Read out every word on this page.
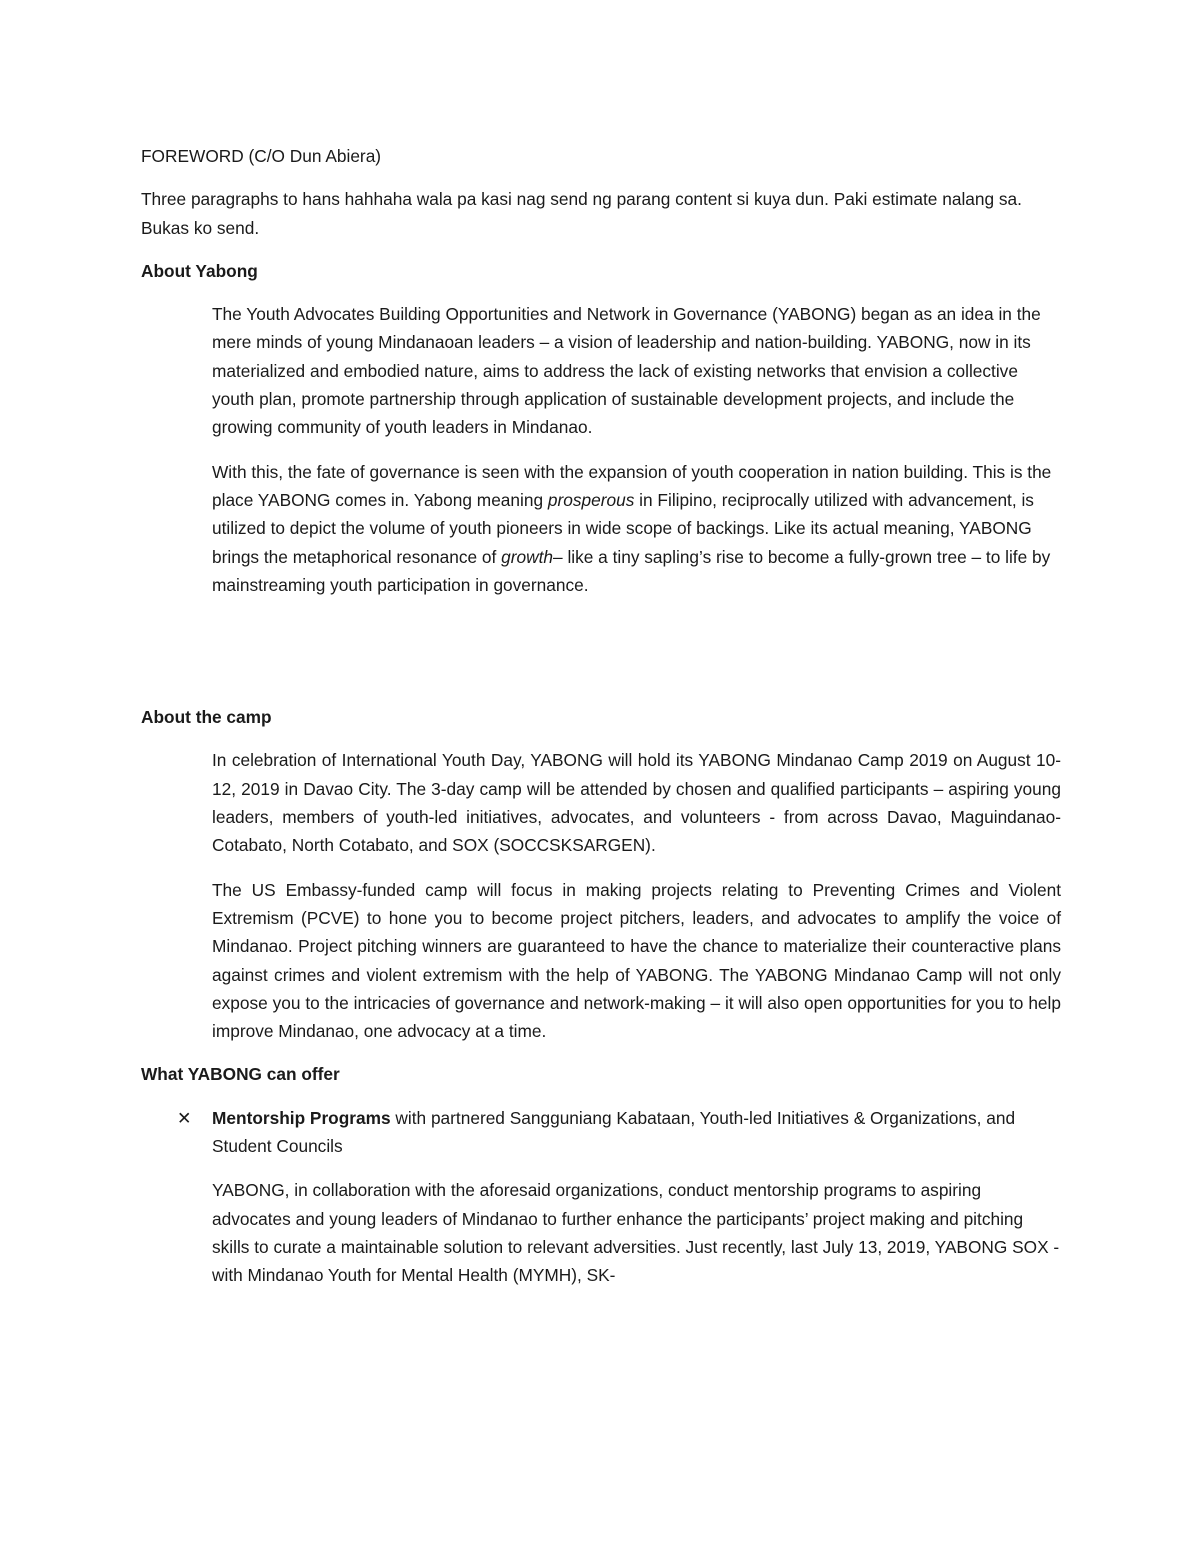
FOREWORD (C/O Dun Abiera)

Three paragraphs to hans hahhaha wala pa kasi nag send ng parang content si kuya dun. Paki estimate nalang sa. Bukas ko send.

About Yabong

The Youth Advocates Building Opportunities and Network in Governance (YABONG) began as an idea in the mere minds of young Mindanaoan leaders – a vision of leadership and nation-building. YABONG, now in its materialized and embodied nature, aims to address the lack of existing networks that envision a collective youth plan, promote partnership through application of sustainable development projects, and include the growing community of youth leaders in Mindanao.

With this, the fate of governance is seen with the expansion of youth cooperation in nation building. This is the place YABONG comes in. Yabong meaning prosperous in Filipino, reciprocally utilized with advancement, is utilized to depict the volume of youth pioneers in wide scope of backings. Like its actual meaning, YABONG brings the metaphorical resonance of growth– like a tiny sapling’s rise to become a fully-grown tree – to life by mainstreaming youth participation in governance.

About the camp

In celebration of International Youth Day, YABONG will hold its YABONG Mindanao Camp 2019 on August 10-12, 2019 in Davao City. The 3-day camp will be attended by chosen and qualified participants – aspiring young leaders, members of youth-led initiatives, advocates, and volunteers - from across Davao, Maguindanao-Cotabato, North Cotabato, and SOX (SOCCSKSARGEN).

The US Embassy-funded camp will focus in making projects relating to Preventing Crimes and Violent Extremism (PCVE) to hone you to become project pitchers, leaders, and advocates to amplify the voice of Mindanao. Project pitching winners are guaranteed to have the chance to materialize their counteractive plans against crimes and violent extremism with the help of YABONG. The YABONG Mindanao Camp will not only expose you to the intricacies of governance and network-making – it will also open opportunities for you to help improve Mindanao, one advocacy at a time.

What YABONG can offer

✕ Mentorship Programs with partnered Sangguniang Kabataan, Youth-led Initiatives & Organizations, and Student Councils

YABONG, in collaboration with the aforesaid organizations, conduct mentorship programs to aspiring advocates and young leaders of Mindanao to further enhance the participants’ project making and pitching skills to curate a maintainable solution to relevant adversities. Just recently, last July 13, 2019, YABONG SOX - with Mindanao Youth for Mental Health (MYMH), SK-
